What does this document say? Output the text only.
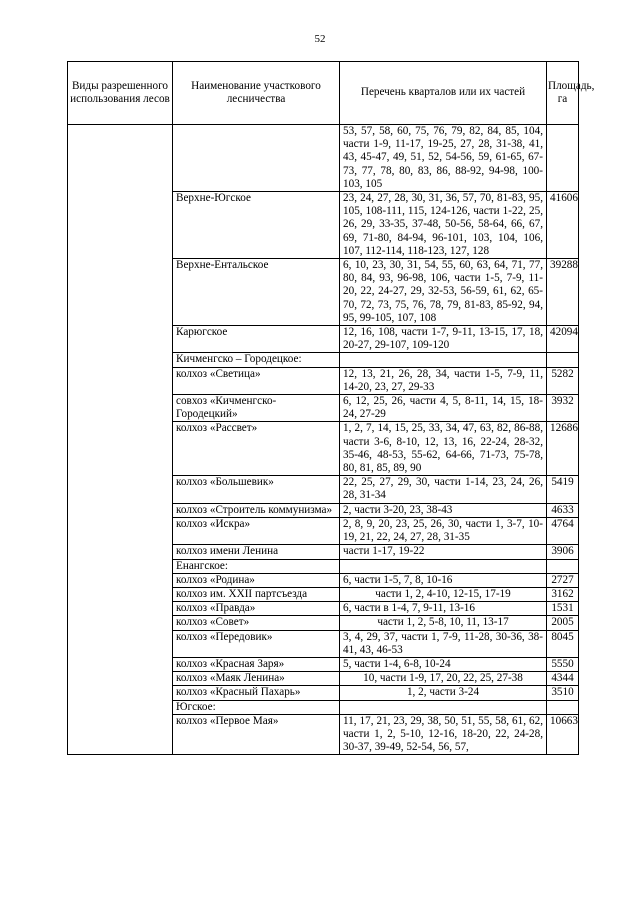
52
Виды разрешенного использования лесов	Наименование участкового лесничества	Перечень кварталов или их частей	Площадь, га
		53, 57, 58, 60, 75, 76, 79, 82, 84, 85, 104, части 1-9, 11-17, 19-25, 27, 28, 31-38, 41, 43, 45-47, 49, 51, 52, 54-56, 59, 61-65, 67-73, 77, 78, 80, 83, 86, 88-92, 94-98, 100-103, 105	
	Верхне-Югское	23, 24, 27, 28, 30, 31, 36, 57, 70, 81-83, 95, 105, 108-111, 115, 124-126, части 1-22, 25, 26, 29, 33-35, 37-48, 50-56, 58-64, 66, 67, 69, 71-80, 84-94, 96-101, 103, 104, 106, 107, 112-114, 118-123, 127, 128	41606
	Верхне-Ентальское	6, 10, 23, 30, 31, 54, 55, 60, 63, 64, 71, 77, 80, 84, 93, 96-98, 106, части 1-5, 7-9, 11-20, 22, 24-27, 29, 32-53, 56-59, 61, 62, 65-70, 72, 73, 75, 76, 78, 79, 81-83, 85-92, 94, 95, 99-105, 107, 108	39288
	Карюгское	12, 16, 108, части 1-7, 9-11, 13-15, 17, 18, 20-27, 29-107, 109-120	42094
	Кичменгско – Городецкое:		
	колхоз «Светица»	12, 13, 21, 26, 28, 34, части 1-5, 7-9, 11, 14-20, 23, 27, 29-33	5282
	совхоз «Кичменгско-Городецкий»	6, 12, 25, 26, части 4, 5, 8-11, 14, 15, 18-24, 27-29	3932
	колхоз «Рассвет»	1, 2, 7, 14, 15, 25, 33, 34, 47, 63, 82, 86-88, части 3-6, 8-10, 12, 13, 16, 22-24, 28-32, 35-46, 48-53, 55-62, 64-66, 71-73, 75-78, 80, 81, 85, 89, 90	12686
	колхоз «Большевик»	22, 25, 27, 29, 30, части 1-14, 23, 24, 26, 28, 31-34	5419
	колхоз «Строитель коммунизма»	2, части 3-20, 23, 38-43	4633
	колхоз «Искра»	2, 8, 9, 20, 23, 25, 26, 30, части 1, 3-7, 10-19, 21, 22, 24, 27, 28, 31-35	4764
	колхоз имени Ленина	части 1-17, 19-22	3906
	Енангское:		
	колхоз «Родина»	6, части 1-5, 7, 8, 10-16	2727
	колхоз им. XXII партсъезда	части 1, 2, 4-10, 12-15, 17-19	3162
	колхоз «Правда»	6, части в 1-4, 7, 9-11, 13-16	1531
	колхоз «Совет»	части 1, 2, 5-8, 10, 11, 13-17	2005
	колхоз «Передовик»	3, 4, 29, 37, части 1, 7-9, 11-28, 30-36, 38-41, 43, 46-53	8045
	колхоз «Красная Заря»	5, части 1-4, 6-8, 10-24	5550
	колхоз «Маяк Ленина»	10, части 1-9, 17, 20, 22, 25, 27-38	4344
	колхоз «Красный Пахарь»	1, 2, части 3-24	3510
	Югское:		
	колхоз «Первое Мая»	11, 17, 21, 23, 29, 38, 50, 51, 55, 58, 61, 62, части 1, 2, 5-10, 12-16, 18-20, 22, 24-28, 30-37, 39-49, 52-54, 56, 57,	10663
